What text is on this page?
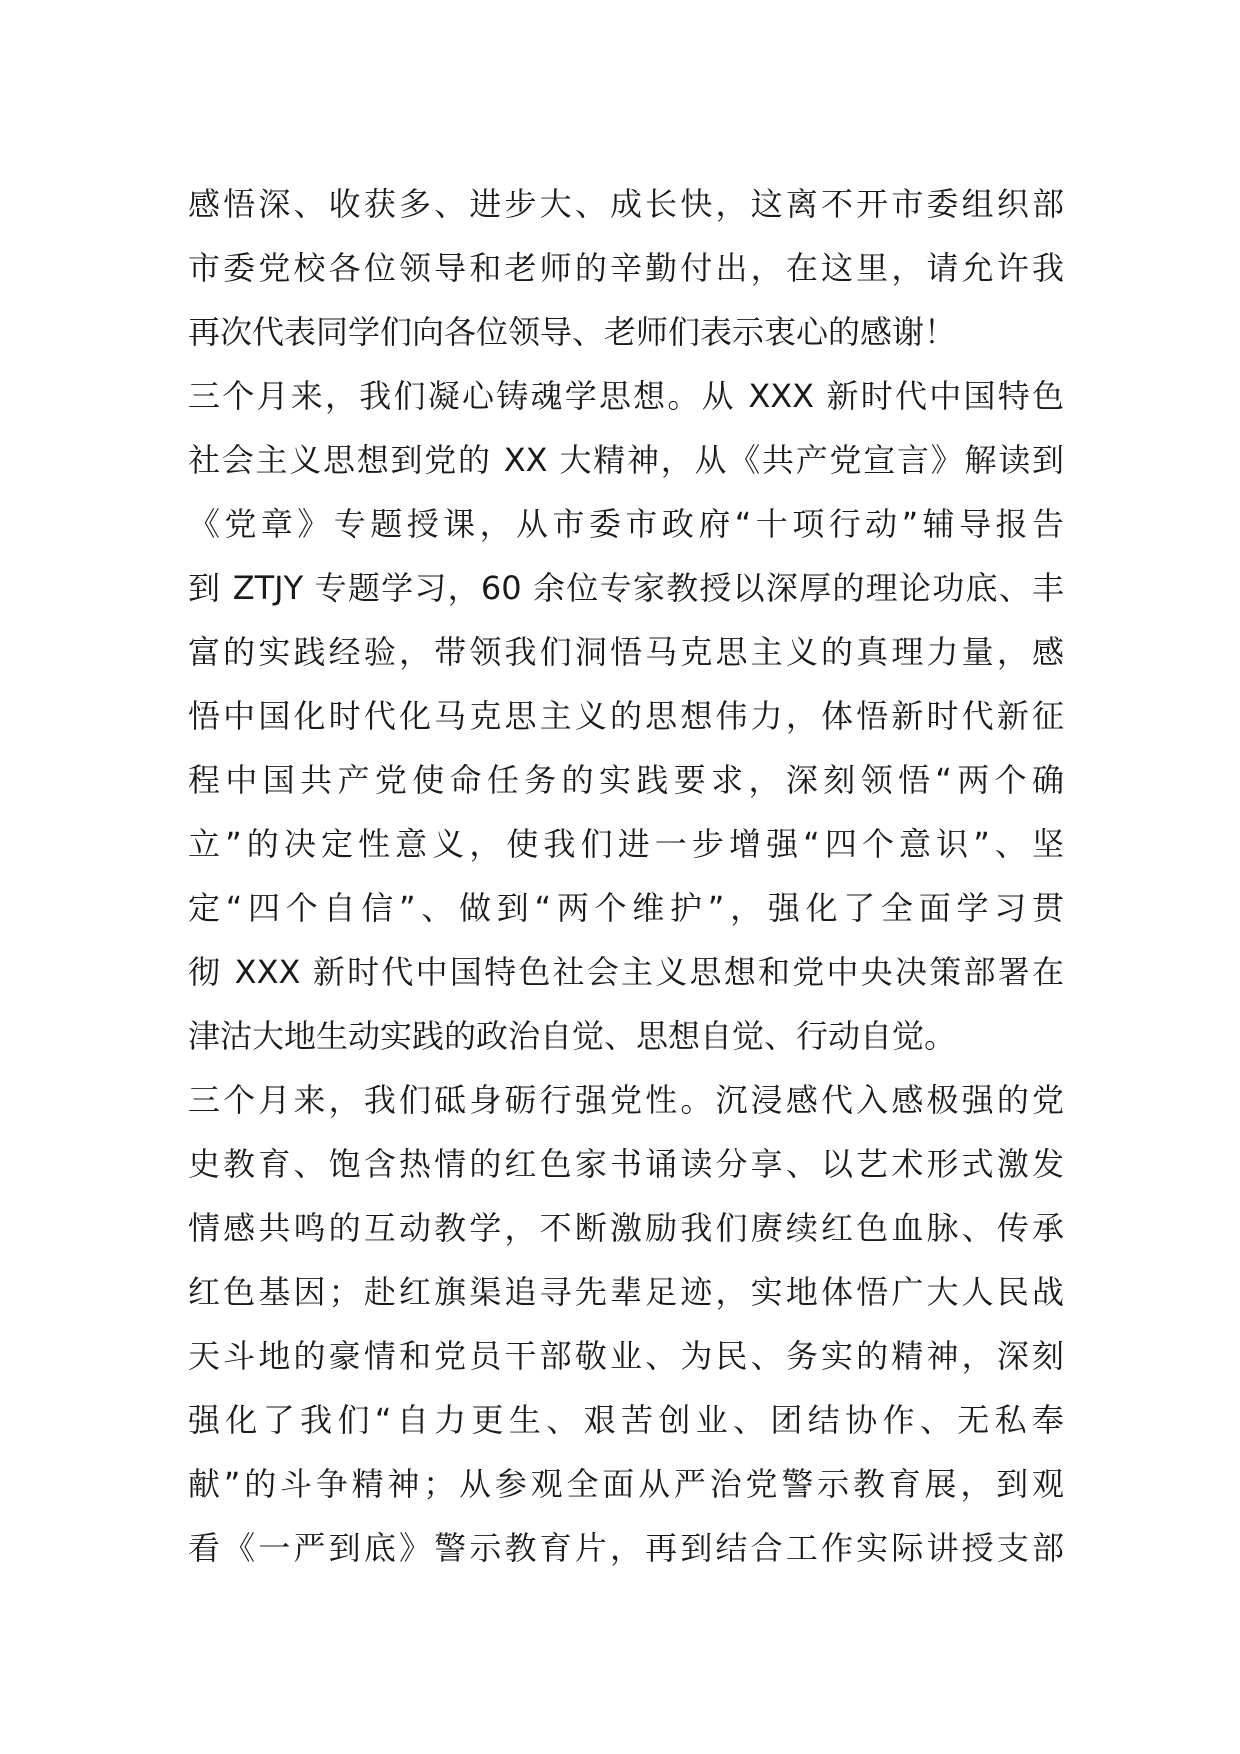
感悟深、收获多、进步大、成长快，这离不开市委组织部
市委党校各位领导和老师的辛勤付出，在这里，请允许我
再次代表同学们向各位领导、老师们表示衷心的感谢！
三个月来，我们凝心铸魂学思想。从 XXX 新时代中国特色
社会主义思想到党的 XX 大精神，从《共产党宣言》解读到
《党章》专题授课，从市委市政府“十项行动”辅导报告
到 ZTJY 专题学习，60 余位专家教授以深厚的理论功底、丰
富的实践经验，带领我们洞悟马克思主义的真理力量，感
悟中国化时代化马克思主义的思想伟力，体悟新时代新征
程中国共产党使命任务的实践要求，深刻领悟“两个确
立”的决定性意义，使我们进一步增强“四个意识”、坚
定“四个自信”、做到“两个维护”，强化了全面学习贯
彻 XXX 新时代中国特色社会主义思想和党中央决策部署在
津沽大地生动实践的政治自觉、思想自觉、行动自觉。
三个月来，我们砥身砺行强党性。沉浸感代入感极强的党
史教育、饱含热情的红色家书诵读分享、以艺术形式激发
情感共鸣的互动教学，不断激励我们赓续红色血脉、传承
红色基因；赴红旗渠追寻先辈足迹，实地体悟广大人民战
天斗地的豪情和党员干部敬业、为民、务实的精神，深刻
强化了我们“自力更生、艰苦创业、团结协作、无私奉
献”的斗争精神；从参观全面从严治党警示教育展，到观
看《一严到底》警示教育片，再到结合工作实际讲授支部
